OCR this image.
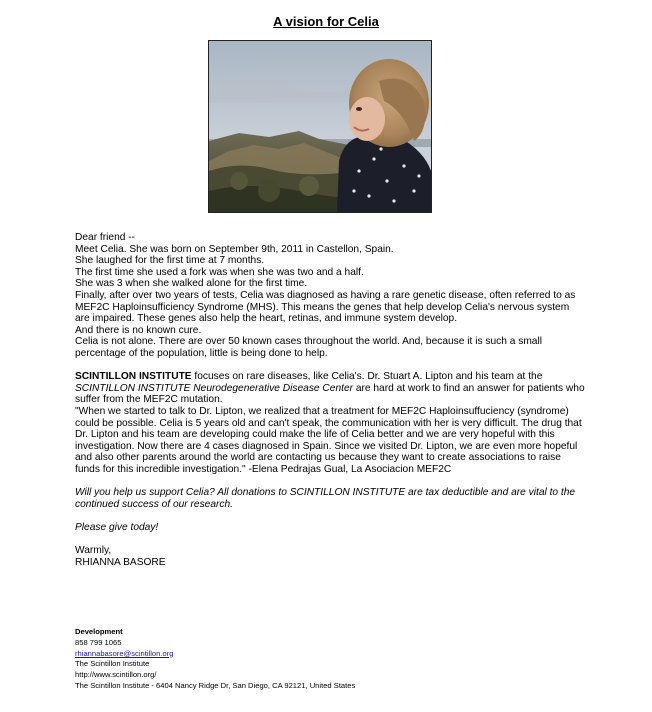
A vision for Celia

Dear friend --

Meet Celia. She was born on September 9th, 2011 in Castellon, Spain.

She laughed for the first time at 7 months.

The first time she used a fork was when she was two and a half.

She was 3 when she walked alone for the first time.

Finally, after over two years of tests, Celia was diagnosed as having a rare genetic disease, often referred to as MEF2C Haploinsufficiency Syndrome (MHS). This means the genes that help develop Celia's nervous system are impaired. These genes also help the heart, retinas, and immune system develop.

And there is no known cure.

Celia is not alone. There are over 50 known cases throughout the world. And, because it is such a small percentage of the population, little is being done to help.

SCINTILLON INSTITUTE focuses on rare diseases, like Celia's. Dr. Stuart A. Lipton and his team at the SCINTILLON INSTITUTE Neurodegenerative Disease Center are hard at work to find an answer for patients who suffer from the MEF2C mutation.

"When we started to talk to Dr. Lipton, we realized that a treatment for MEF2C Haploinsuffuciency (syndrome) could be possible. Celia is 5 years old and can't speak, the communication with her is very difficult. The drug that Dr. Lipton and his team are developing could make the life of Celia better and we are very hopeful with this investigation. Now there are 4 cases diagnosed in Spain. Since we visited Dr. Lipton, we are even more hopeful and also other parents around the world are contacting us because they want to create associations to raise funds for this incredible investigation." -Elena Pedrajas Gual, La Asociacion MEF2C

Will you help us support Celia? All donations to SCINTILLON INSTITUTE are tax deductible and are vital to the continued success of our research.

Please give today!

Warmly,

RHIANNA BASORE

Development

858 799 1065

rhiannabasore@scintillon.org

The Scintillon Institute

http://www.scintillon.org/

The Scintillon Institute - 6404 Nancy Ridge Dr, San Diego, CA 92121, United States
